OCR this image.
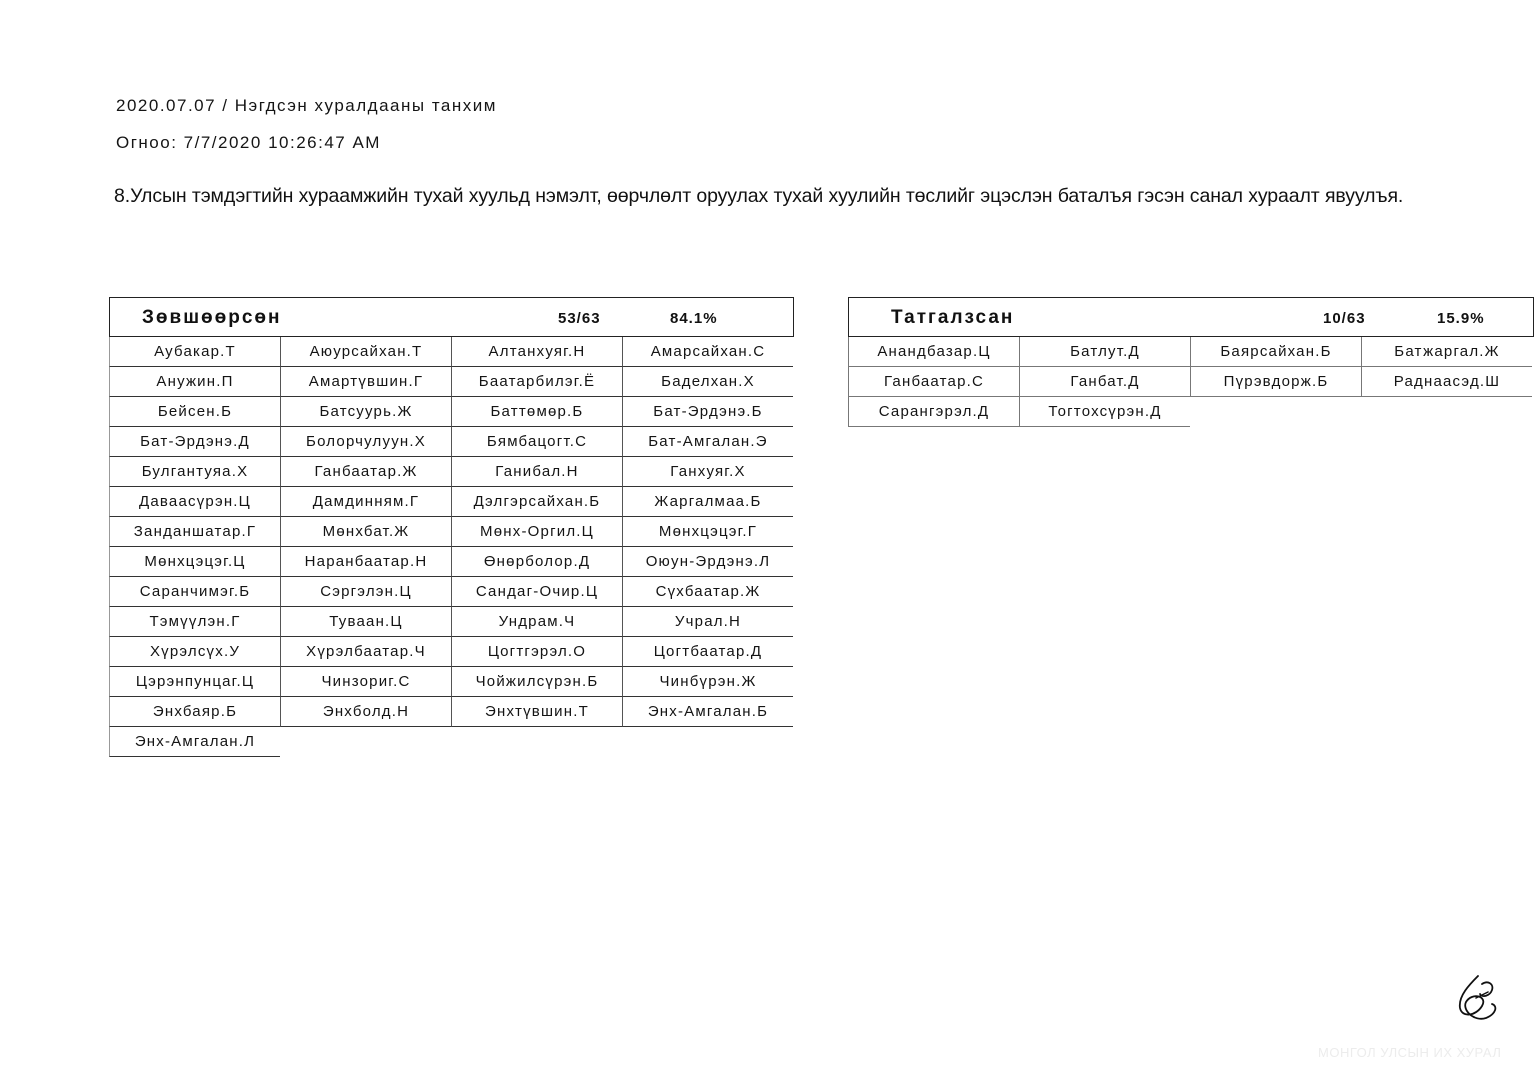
2020.07.07 / Нэгдсэн хуралдааны танхим
Огноо: 7/7/2020 10:26:47 AM
8.Улсын тэмдэгтийн хураамжийн тухай хуульд нэмэлт, өөрчлөлт оруулах тухай хуулийн төслийг эцэслэн баталъя гэсэн санал хураалт явуулъя.
Зөвшөөрсөн	53/63	84.1%
Аубакар.Т	Аюурсайхан.Т	Алтанхуяг.Н	Амарсайхан.С
Анужин.П	Амартүвшин.Г	Баатарбилэг.Ё	Баделхан.Х
Бейсен.Б	Батсуурь.Ж	Баттөмөр.Б	Бат-Эрдэнэ.Б
Бат-Эрдэнэ.Д	Болорчулуун.Х	Бямбацогт.С	Бат-Амгалан.Э
Булгантуяа.Х	Ганбаатар.Ж	Ганибал.Н	Ганхуяг.Х
Даваасүрэн.Ц	Дамдинням.Г	Дэлгэрсайхан.Б	Жаргалмаа.Б
Занданшатар.Г	Мөнхбат.Ж	Мөнх-Оргил.Ц	Мөнхцэцэг.Г
Мөнхцэцэг.Ц	Наранбаатар.Н	Өнөрболор.Д	Оюун-Эрдэнэ.Л
Саранчимэг.Б	Сэргэлэн.Ц	Сандаг-Очир.Ц	Сүхбаатар.Ж
Тэмүүлэн.Г	Туваан.Ц	Ундрам.Ч	Учрал.Н
Хүрэлсүх.У	Хүрэлбаатар.Ч	Цогтгэрэл.О	Цогтбаатар.Д
Цэрэнпунцаг.Ц	Чинзориг.С	Чойжилсүрэн.Б	Чинбүрэн.Ж
Энхбаяр.Б	Энхболд.Н	Энхтүвшин.Т	Энх-Амгалан.Б
Энх-Амгалан.Л
Татгалзсан	10/63	15.9%
Анандбазар.Ц	Батлут.Д	Баярсайхан.Б	Батжаргал.Ж
Ганбаатар.С	Ганбат.Д	Пүрэвдорж.Б	Раднаасэд.Ш
Сарангэрэл.Д	Тогтохсүрэн.Д
МОНГОЛ УЛСЫН ИХ ХУРАЛ
